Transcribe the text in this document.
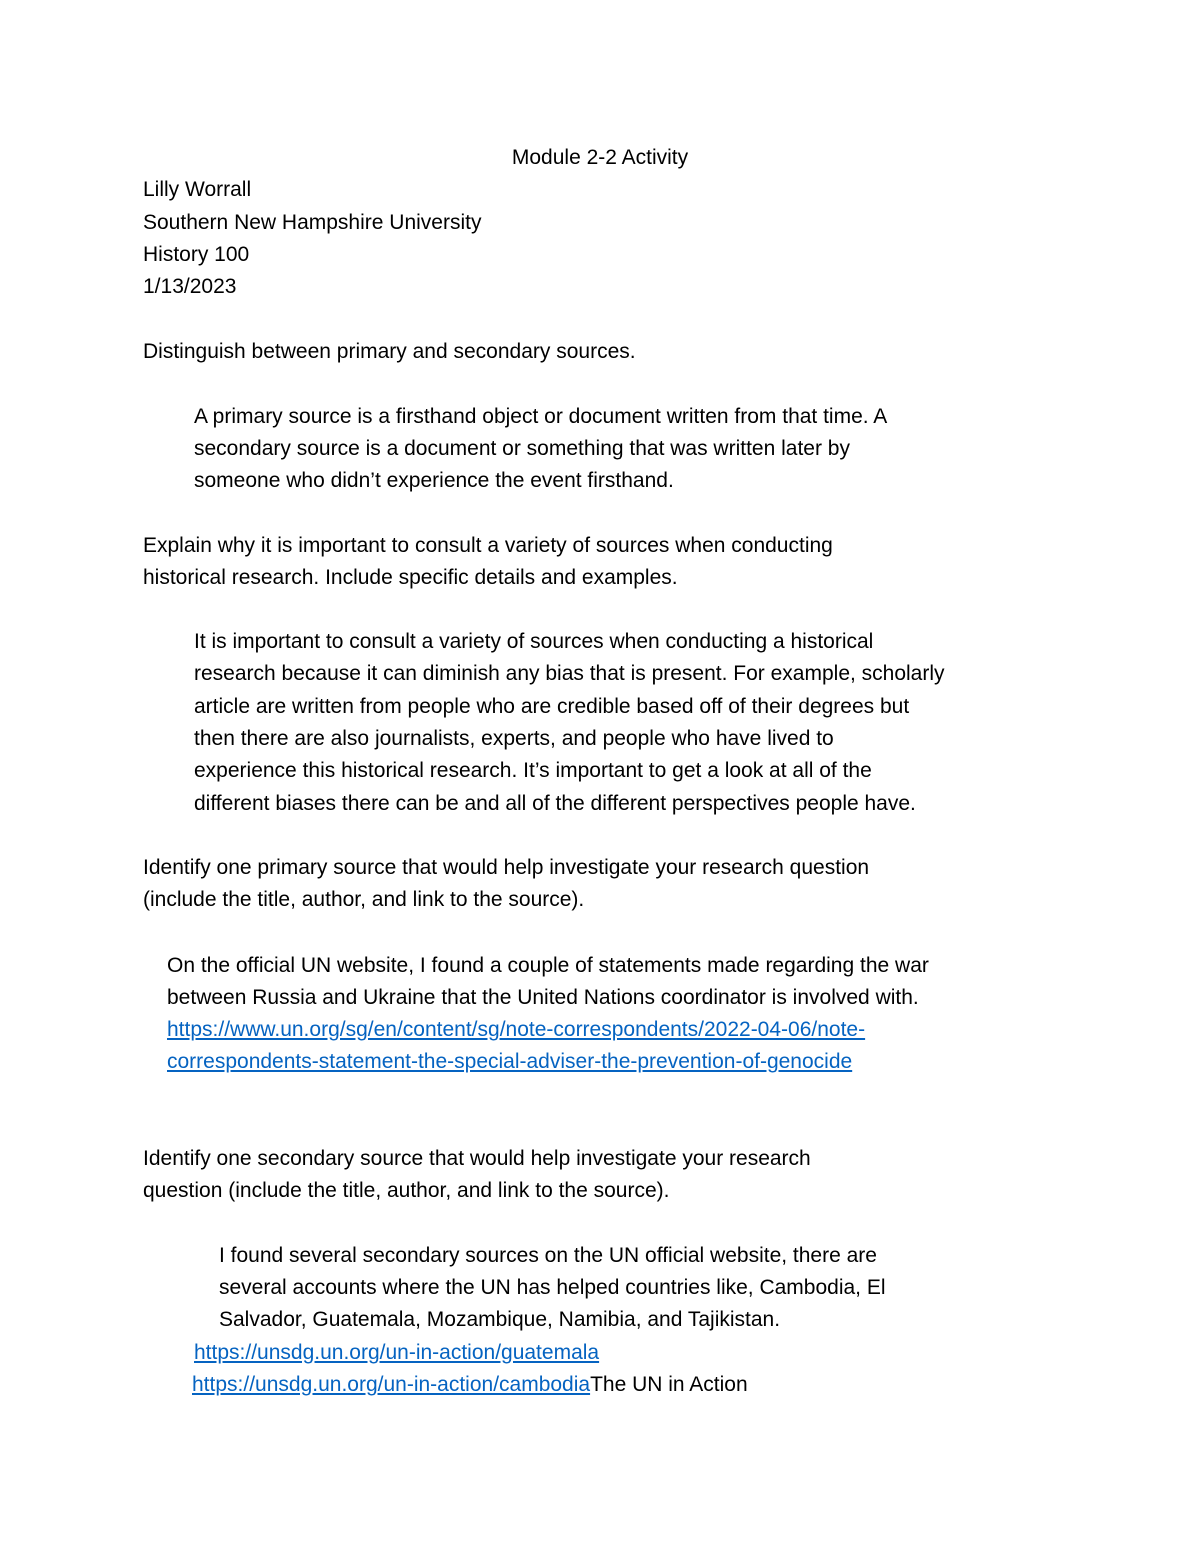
Module 2-2 Activity

Lilly Worrall

Southern New Hampshire University

History 100

1/13/2023

Distinguish between primary and secondary sources.

A primary source is a firsthand object or document written from that time. A

secondary source is a document or something that was written later by

someone who didn’t experience the event firsthand.

Explain why it is important to consult a variety of sources when conducting

historical research. Include specific details and examples.

It is important to consult a variety of sources when conducting a historical

research because it can diminish any bias that is present. For example, scholarly

article are written from people who are credible based off of their degrees but

then there are also journalists, experts, and people who have lived to

experience this historical research. It’s important to get a look at all of the

different biases there can be and all of the different perspectives people have.

Identify one primary source that would help investigate your research question

(include the title, author, and link to the source).

On the official UN website, I found a couple of statements made regarding the war

between Russia and Ukraine that the United Nations coordinator is involved with.

https://www.un.org/sg/en/content/sg/note-correspondents/2022-04-06/note-

correspondents-statement-the-special-adviser-the-prevention-of-genocide

Identify one secondary source that would help investigate your research

question (include the title, author, and link to the source).

I found several secondary sources on the UN official website, there are

several accounts where the UN has helped countries like, Cambodia, El

Salvador, Guatemala, Mozambique, Namibia, and Tajikistan.

https://unsdg.un.org/un-in-action/guatemala

https://unsdg.un.org/un-in-action/cambodiaThe UN in Action
